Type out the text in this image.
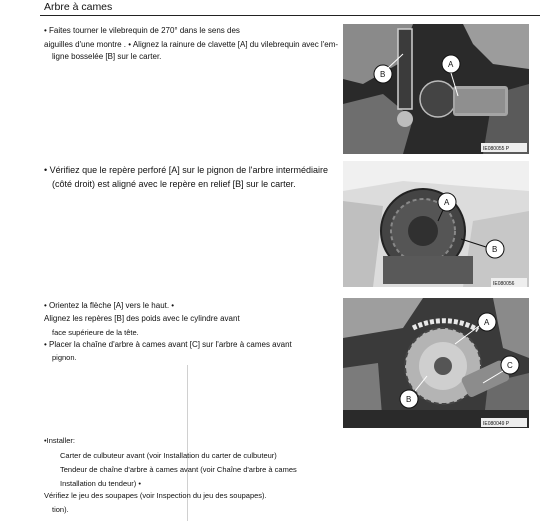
Arbre à cames
• Faites tourner le vilebrequin de 270° dans le sens des
aiguilles d'une montre . • Alignez la rainure de clavette [A] du vilebrequin avec l'em-
ligne bosselée [B] sur le carter.
B
A
IE080055 P
• Vérifiez que le repère perforé [A] sur le pignon de l'arbre intermédiaire
(côté droit) est aligné avec le repère en relief [B] sur le carter.
A
B
IE080056
• Orientez la flèche [A] vers le haut. •
Alignez les repères [B] des poids avec le cylindre avant
face supérieure de la tête.
• Placer la chaîne d'arbre à cames avant [C] sur l'arbre à cames avant
pignon.
A
C
B
IE080049 P
•Installer:
Carter de culbuteur avant (voir Installation du carter de culbuteur)
Tendeur de chaîne d'arbre à cames avant (voir Chaîne d'arbre à cames
Installation du tendeur) •
Vérifiez le jeu des soupapes (voir Inspection du jeu des soupapes).
tion).
